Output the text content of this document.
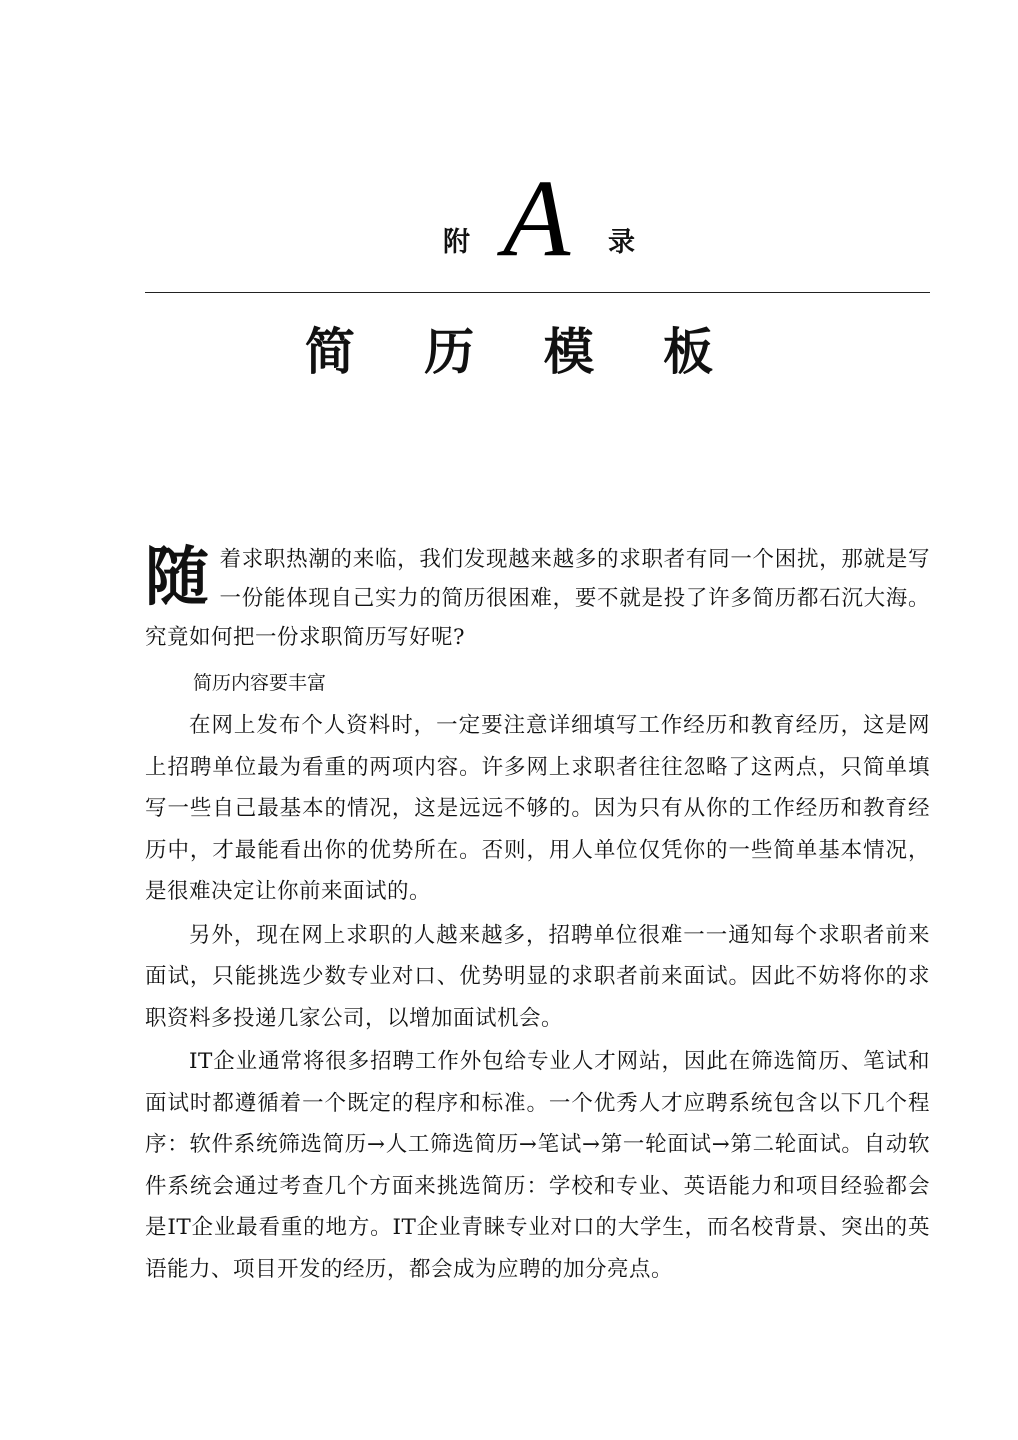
附 A 录
简 历 模 板

随着求职热潮的来临，我们发现越来越多的求职者有同一个困扰，那就是写一份能体现自己实力的简历很困难，要不就是投了许多简历都石沉大海。究竟如何把一份求职简历写好呢?

简历内容要丰富

在网上发布个人资料时，一定要注意详细填写工作经历和教育经历，这是网上招聘单位最为看重的两项内容。许多网上求职者往往忽略了这两点，只简单填写一些自己最基本的情况，这是远远不够的。因为只有从你的工作经历和教育经历中，才最能看出你的优势所在。否则，用人单位仅凭你的一些简单基本情况，是很难决定让你前来面试的。

另外，现在网上求职的人越来越多，招聘单位很难一一通知每个求职者前来面试，只能挑选少数专业对口、优势明显的求职者前来面试。因此不妨将你的求职资料多投递几家公司，以增加面试机会。

IT企业通常将很多招聘工作外包给专业人才网站，因此在筛选简历、笔试和面试时都遵循着一个既定的程序和标准。一个优秀人才应聘系统包含以下几个程序：软件系统筛选简历→人工筛选简历→笔试→第一轮面试→第二轮面试。自动软件系统会通过考查几个方面来挑选简历：学校和专业、英语能力和项目经验都会是IT企业最看重的地方。IT企业青睐专业对口的大学生，而名校背景、突出的英语能力、项目开发的经历，都会成为应聘的加分亮点。
